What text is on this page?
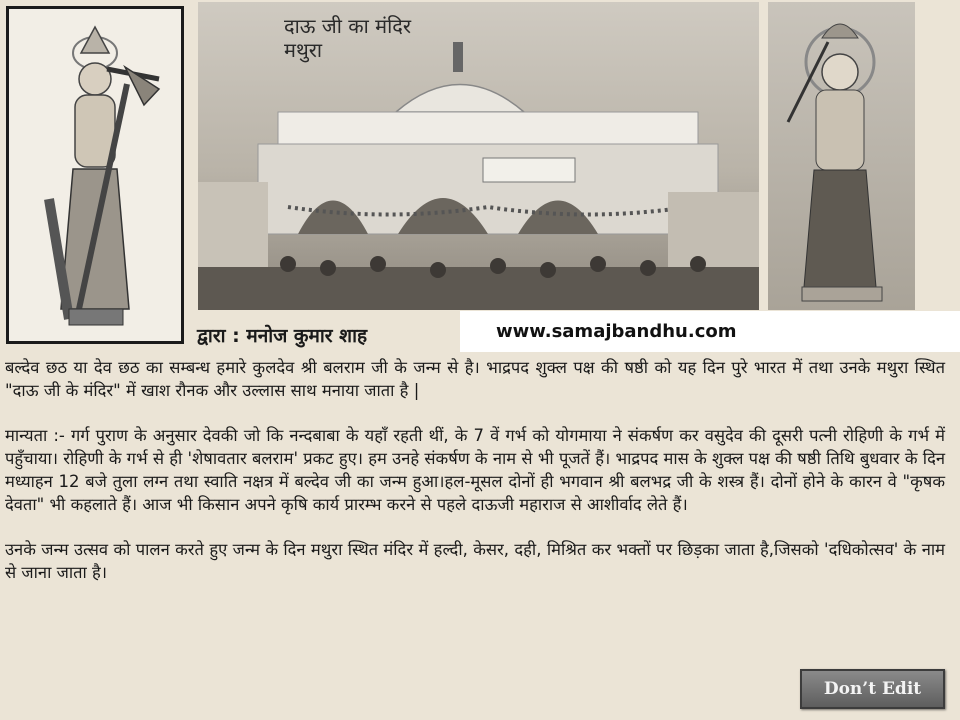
दाऊ जी का मंदिर
मथुरा
द्वारा : मनोज कुमार शाह	www.samajbandhu.com

बल्देव छठ या देव छठ का सम्बन्ध हमारे कुलदेव श्री बलराम जी के जन्म से है। भाद्रपद शुक्ल पक्ष की षष्ठी को यह दिन पुरे भारत में तथा उनके मथुरा स्थित "दाऊ जी के मंदिर" में खाश रौनक और उल्लास साथ मनाया जाता है |

मान्यता :- गर्ग पुराण के अनुसार देवकी जो कि नन्दबाबा के यहाँ रहती थीं, के 7 वें गर्भ को योगमाया ने संकर्षण कर वसुदेव की दूसरी पत्नी रोहिणी के गर्भ में पहुँचाया। रोहिणी के गर्भ से ही 'शेषावतार बलराम' प्रकट हुए। हम उनहे संकर्षण के नाम से भी पूजतें हैं। भाद्रपद मास के शुक्ल पक्ष की षष्ठी तिथि बुधवार के दिन मध्याहन 12 बजे तुला लग्न तथा स्वाति नक्षत्र में बल्देव जी का जन्म हुआ।हल-मूसल दोनों ही भगवान श्री बलभद्र जी के शस्त्र हैं। दोनों होने के कारन वे "कृषक देवता" भी कहलाते हैं। आज भी किसान अपने कृषि कार्य प्रारम्भ करने से पहले दाऊजी महाराज से आशीर्वाद लेते हैं।

उनके जन्म उत्सव को पालन करते हुए जन्म के दिन मथुरा स्थित मंदिर में हल्दी, केसर, दही, मिश्रित कर भक्तों पर छिड़का जाता है,जिसको 'दधिकोत्सव' के नाम से जाना जाता है।

Don’t Edit
